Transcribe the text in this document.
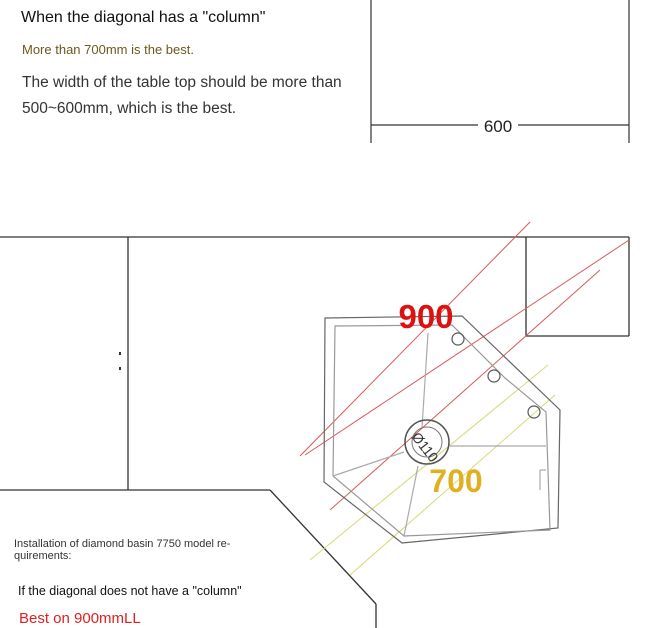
When the diagonal has a "column"
More than 700mm is the best.
The width of the table top should be more than 500~600mm, which is the best.
600
900
700
Ø110
Installation of diamond basin 7750 model re- quirements:
If the diagonal does not have a "column"
Best on 900mmLL
